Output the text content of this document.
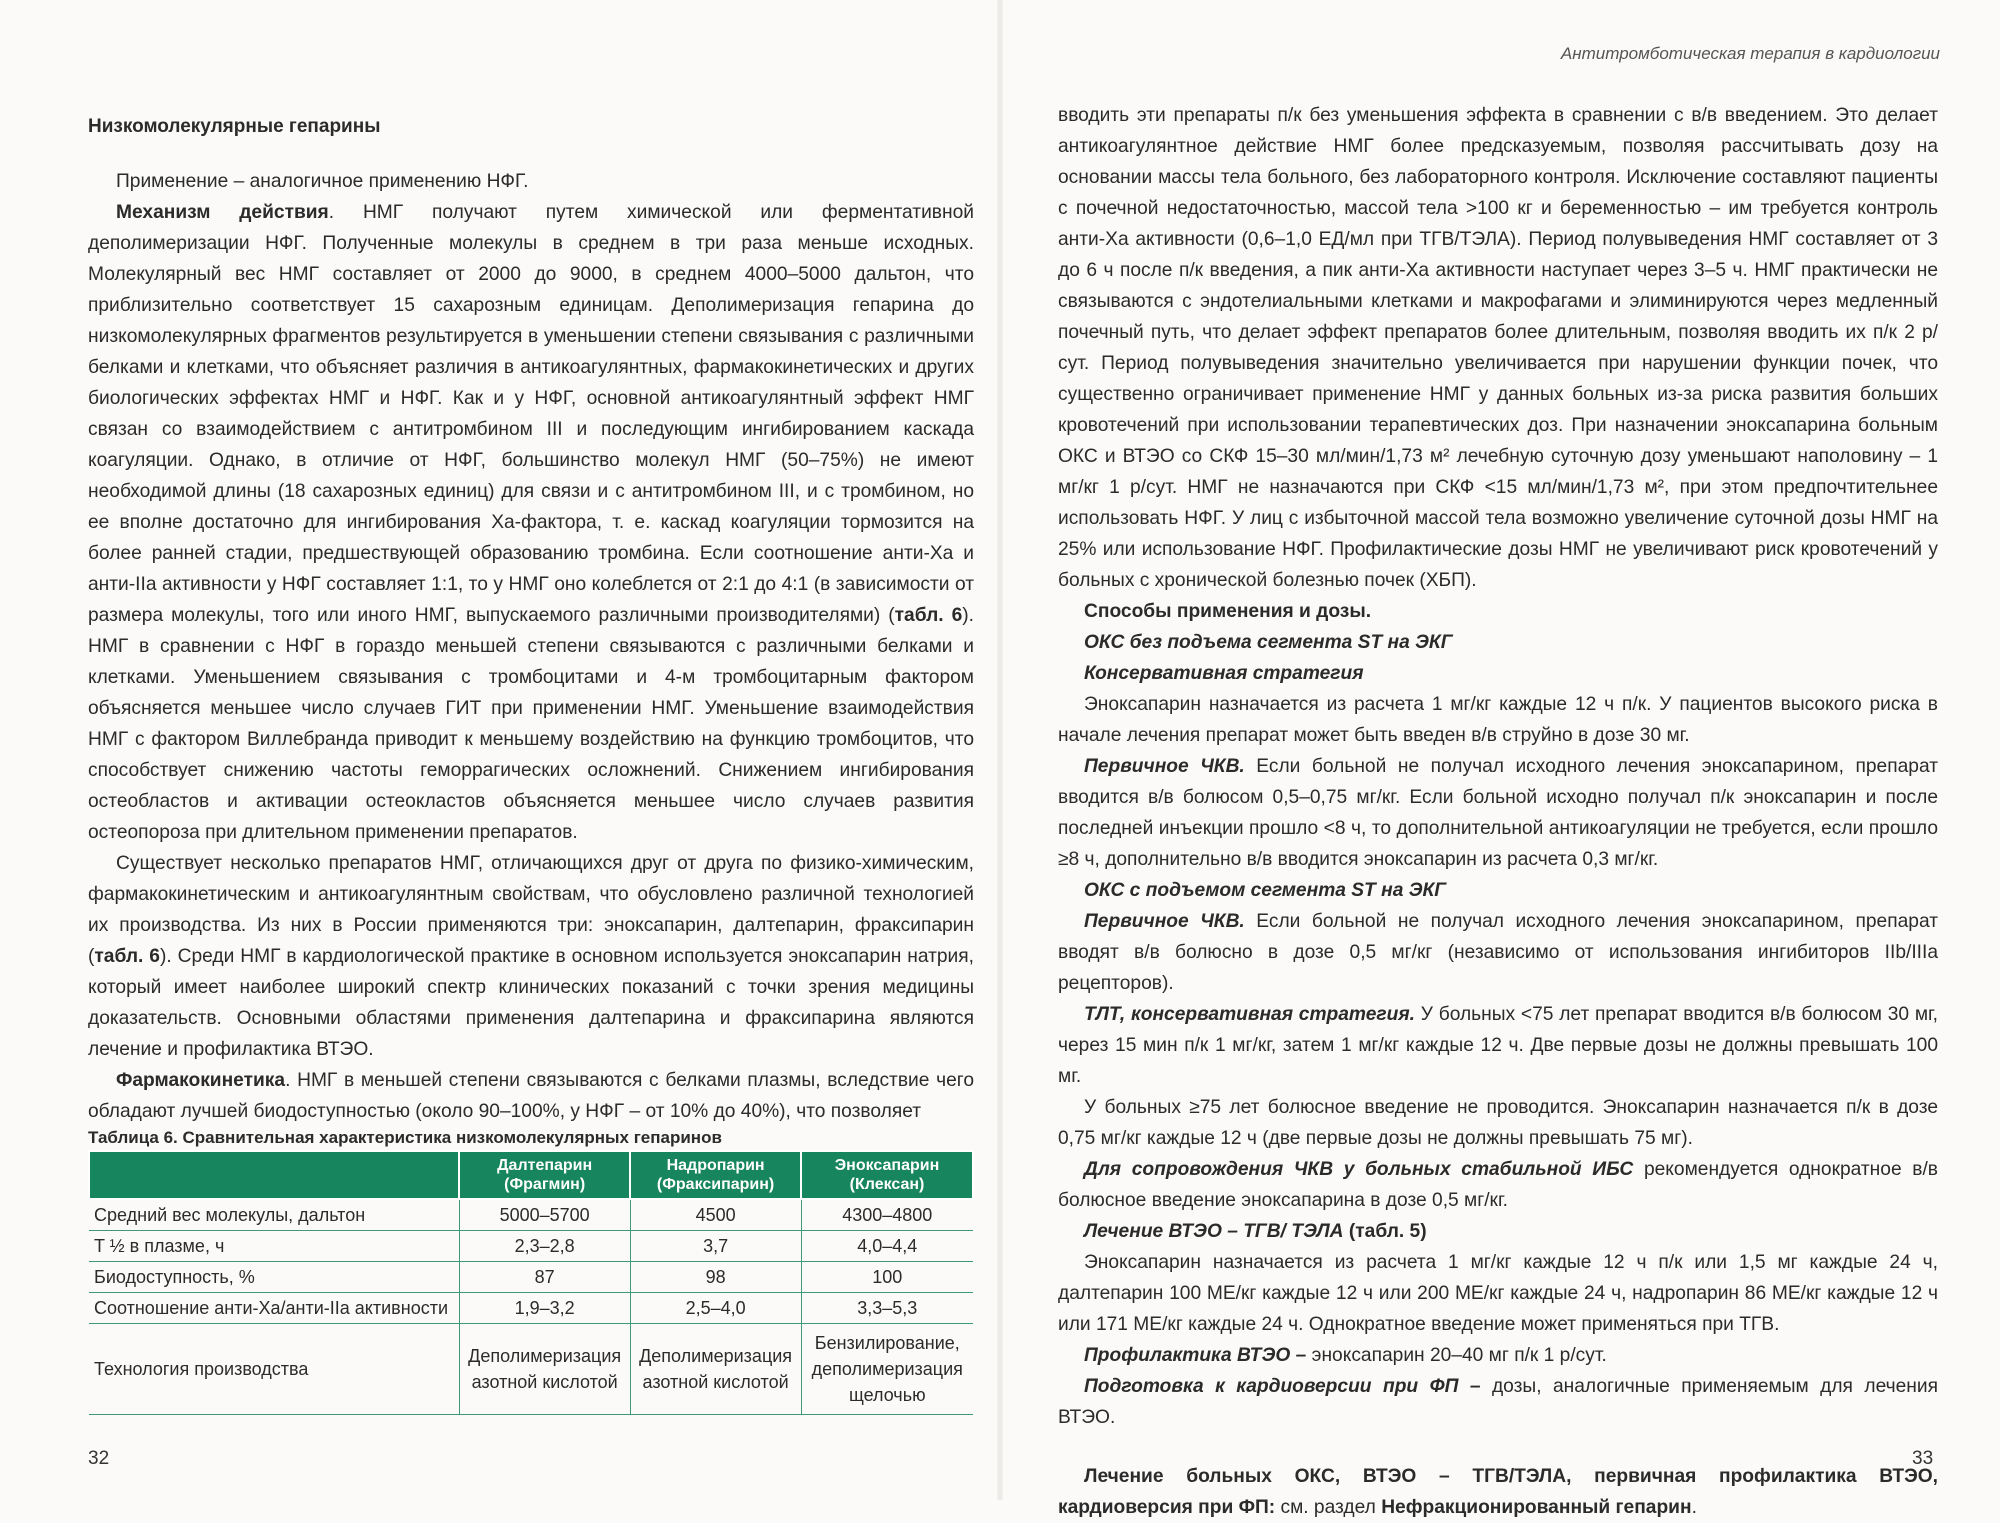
Низкомолекулярные гепарины

Применение – аналогичное применению НФГ.

Механизм действия. НМГ получают путем химической или ферментативной деполимеризации НФГ. Полученные молекулы в среднем в три раза меньше исходных. Молекулярный вес НМГ составляет от 2000 до 9000, в среднем 4000–5000 дальтон, что приблизительно соответствует 15 сахарозным единицам. Деполимеризация гепарина до низкомолекулярных фрагментов результируется в уменьшении степени связывания с различными белками и клетками, что объясняет различия в антикоагулянтных, фармакокинетических и других биологических эффектах НМГ и НФГ. Как и у НФГ, основной антикоагулянтный эффект НМГ связан со взаимодействием с антитромбином III и последующим ингибированием каскада коагуляции. Однако, в отличие от НФГ, большинство молекул НМГ (50–75%) не имеют необходимой длины (18 сахарозных единиц) для связи и с антитромбином III, и с тромбином, но ее вполне достаточно для ингибирования Ха-фактора, т. е. каскад коагуляции тормозится на более ранней стадии, предшествующей образованию тромбина. Если соотношение анти-Ха и анти-IIa активности у НФГ составляет 1:1, то у НМГ оно колеблется от 2:1 до 4:1 (в зависимости от размера молекулы, того или иного НМГ, выпускаемого различными производителями) (табл. 6). НМГ в сравнении с НФГ в гораздо меньшей степени связываются с различными белками и клетками. Уменьшением связывания с тромбоцитами и 4-м тромбоцитарным фактором объясняется меньшее число случаев ГИТ при применении НМГ. Уменьшение взаимодействия НМГ с фактором Виллебранда приводит к меньшему воздействию на функцию тромбоцитов, что способствует снижению частоты геморрагических осложнений. Снижением ингибирования остеобластов и активации остеокластов объясняется меньшее число случаев развития остеопороза при длительном применении препаратов.

Существует несколько препаратов НМГ, отличающихся друг от друга по физико-химическим, фармакокинетическим и антикоагулянтным свойствам, что обусловлено различной технологией их производства. Из них в России применяются три: эноксапарин, далтепарин, фраксипарин (табл. 6). Среди НМГ в кардиологической практике в основном используется эноксапарин натрия, который имеет наиболее широкий спектр клинических показаний с точки зрения медицины доказательств. Основными областями применения далтепарина и фраксипарина являются лечение и профилактика ВТЭО.

Фармакокинетика. НМГ в меньшей степени связываются с белками плазмы, вследствие чего обладают лучшей биодоступностью (около 90–100%, у НФГ – от 10% до 40%), что позволяет

Таблица 6. Сравнительная характеристика низкомолекулярных гепаринов
	Далтепарин (Фрагмин)	Надропарин (Фраксипарин)	Эноксапарин (Клексан)
Средний вес молекулы, дальтон	5000–5700	4500	4300–4800
T ½ в плазме, ч	2,3–2,8	3,7	4,0–4,4
Биодоступность, %	87	98	100
Соотношение анти-Ха/анти-IIa активности	1,9–3,2	2,5–4,0	3,3–5,3
Технология производства	Деполимеризация азотной кислотой	Деполимеризация азотной кислотой	Бензилирование, деполимеризация щелочью
32
Антитромботическая терапия в кардиологии

вводить эти препараты п/к без уменьшения эффекта в сравнении с в/в введением. Это делает антикоагулянтное действие НМГ более предсказуемым, позволяя рассчитывать дозу на основании массы тела больного, без лабораторного контроля. Исключение составляют пациенты с почечной недостаточностью, массой тела >100 кг и беременностью – им требуется контроль анти-Ха активности (0,6–1,0 ЕД/мл при ТГВ/ТЭЛА). Период полувыведения НМГ составляет от 3 до 6 ч после п/к введения, а пик анти-Ха активности наступает через 3–5 ч. НМГ практически не связываются с эндотелиальными клетками и макрофагами и элиминируются через медленный почечный путь, что делает эффект препаратов более длительным, позволяя вводить их п/к 2 р/сут. Период полувыведения значительно увеличивается при нарушении функции почек, что существенно ограничивает применение НМГ у данных больных из-за риска развития больших кровотечений при использовании терапевтических доз. При назначении эноксапарина больным ОКС и ВТЭО со СКФ 15–30 мл/мин/1,73 м² лечебную суточную дозу уменьшают наполовину – 1 мг/кг 1 р/сут. НМГ не назначаются при СКФ <15 мл/мин/1,73 м², при этом предпочтительнее использовать НФГ. У лиц с избыточной массой тела возможно увеличение суточной дозы НМГ на 25% или использование НФГ. Профилактические дозы НМГ не увеличивают риск кровотечений у больных с хронической болезнью почек (ХБП).

Способы применения и дозы.

ОКС без подъема сегмента ST на ЭКГ

Консервативная стратегия

Эноксапарин назначается из расчета 1 мг/кг каждые 12 ч п/к. У пациентов высокого риска в начале лечения препарат может быть введен в/в струйно в дозе 30 мг.

Первичное ЧКВ. Если больной не получал исходного лечения эноксапарином, препарат вводится в/в болюсом 0,5–0,75 мг/кг. Если больной исходно получал п/к эноксапарин и после последней инъекции прошло <8 ч, то дополнительной антикоагуляции не требуется, если прошло ≥8 ч, дополнительно в/в вводится эноксапарин из расчета 0,3 мг/кг.

ОКС с подъемом сегмента ST на ЭКГ

Первичное ЧКВ. Если больной не получал исходного лечения эноксапарином, препарат вводят в/в болюсно в дозе 0,5 мг/кг (независимо от использования ингибиторов IIb/IIIa рецепторов).

ТЛТ, консервативная стратегия. У больных <75 лет препарат вводится в/в болюсом 30 мг, через 15 мин п/к 1 мг/кг, затем 1 мг/кг каждые 12 ч. Две первые дозы не должны превышать 100 мг.

У больных ≥75 лет болюсное введение не проводится. Эноксапарин назначается п/к в дозе 0,75 мг/кг каждые 12 ч (две первые дозы не должны превышать 75 мг).

Для сопровождения ЧКВ у больных стабильной ИБС рекомендуется однократное в/в болюсное введение эноксапарина в дозе 0,5 мг/кг.

Лечение ВТЭО – ТГВ/ ТЭЛА (табл. 5)

Эноксапарин назначается из расчета 1 мг/кг каждые 12 ч п/к или 1,5 мг каждые 24 ч, далтепарин 100 МЕ/кг каждые 12 ч или 200 МЕ/кг каждые 24 ч, надропарин 86 МЕ/кг каждые 12 ч или 171 МЕ/кг каждые 24 ч. Однократное введение может применяться при ТГВ.

Профилактика ВТЭО – эноксапарин 20–40 мг п/к 1 р/сут.

Подготовка к кардиоверсии при ФП – дозы, аналогичные применяемым для лечения ВТЭО.

Лечение больных ОКС, ВТЭО – ТГВ/ТЭЛА, первичная профилактика ВТЭО, кардиоверсия при ФП: см. раздел Нефракционированный гепарин.

33
